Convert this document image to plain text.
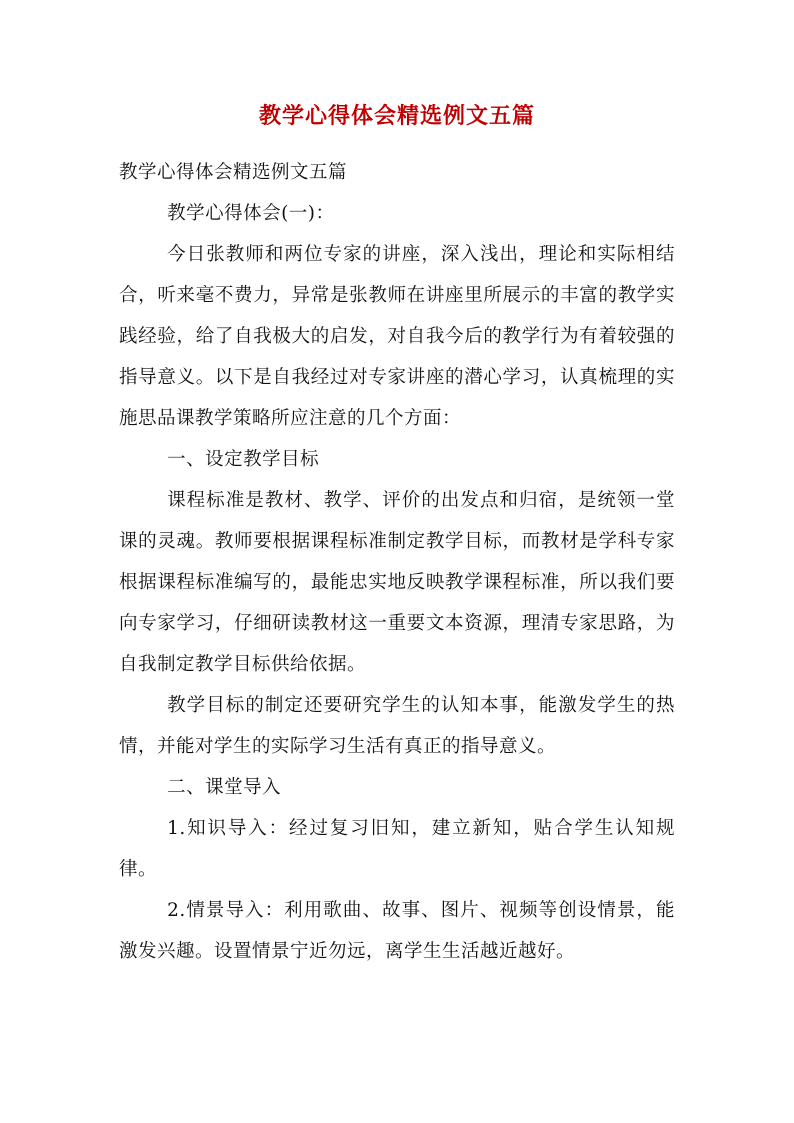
教学心得体会精选例文五篇

教学心得体会精选例文五篇

教学心得体会(一)：

今日张教师和两位专家的讲座，深入浅出，理论和实际相结合，听来毫不费力，异常是张教师在讲座里所展示的丰富的教学实践经验，给了自我极大的启发，对自我今后的教学行为有着较强的指导意义。以下是自我经过对专家讲座的潜心学习，认真梳理的实施思品课教学策略所应注意的几个方面：

一、设定教学目标

课程标准是教材、教学、评价的出发点和归宿，是统领一堂课的灵魂。教师要根据课程标准制定教学目标，而教材是学科专家根据课程标准编写的，最能忠实地反映教学课程标准，所以我们要向专家学习，仔细研读教材这一重要文本资源，理清专家思路，为自我制定教学目标供给依据。

教学目标的制定还要研究学生的认知本事，能激发学生的热情，并能对学生的实际学习生活有真正的指导意义。

二、课堂导入

1.知识导入：经过复习旧知，建立新知，贴合学生认知规律。

2.情景导入：利用歌曲、故事、图片、视频等创设情景，能激发兴趣。设置情景宁近勿远，离学生生活越近越好。
